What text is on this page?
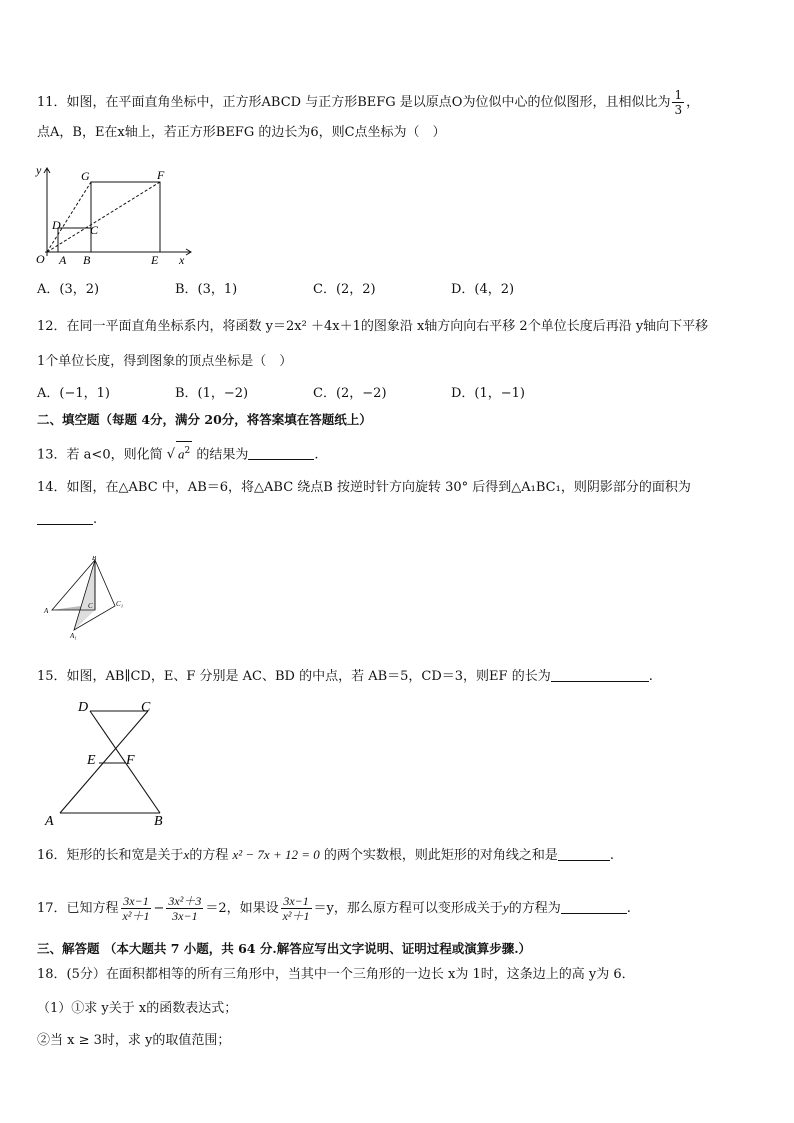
11．如图，在平面直角坐标中，正方形ABCD 与正方形BEFG 是以原点O为位似中心的位似图形，且相似比为 $\frac{1}{3}$ ，
点A，B，E在x轴上，若正方形BEFG 的边长为6，则C点坐标为（　）
y	G	F
D C
O A B	E x
A．(3，2)	B．(3，1)	C．(2，2)	D．(4，2)
12．在同一平面直角坐标系内，将函数 y＝2x² ＋4x＋1的图象沿 x轴方向向右平移 2个单位长度后再沿 y轴向下平移
1个单位长度，得到图象的顶点坐标是（　）
A．(−1，1)	B．(1，−2)	C．(2，−2)	D．(1，−1)
二、填空题（每题 4分，满分 20分，将答案填在答题纸上）
13．若 a<0，则化简 √ $a^2$ 的结果为	.
14．如图，在△ABC 中，AB＝6，将△ABC 绕点B 按逆时针方向旋转 30° 后得到△A₁BC₁，则阴影部分的面积为
.
B
A
C	C₁
A₁
15．如图，AB∥CD，E、F 分别是 AC、BD 的中点，若 AB＝5，CD＝3，则EF 的长为	.
D	C
E F
A	B
16．矩形的长和宽是关于x的方程 x² − 7x + 12 = 0 的两个实数根，则此矩形的对角线之和是	.
17．已知方程 $\frac{3x-1}{\text{x²＋1}} - \frac{\text{3x²＋3}}{3x-1} =2$，如果设 $\frac{3x-1}{\text{x²＋1}} =y$，那么原方程可以变形成关于y的方程为	.
三、解答题 （本大题共 7 小题，共 64 分.解答应写出文字说明、证明过程或演算步骤.）
18．(5分）在面积都相等的所有三角形中，当其中一个三角形的一边长 x为 1时，这条边上的高 y为 6．
（1）①求 y关于 x的函数表达式；
②当 x ≥ 3时，求 y的取值范围；
